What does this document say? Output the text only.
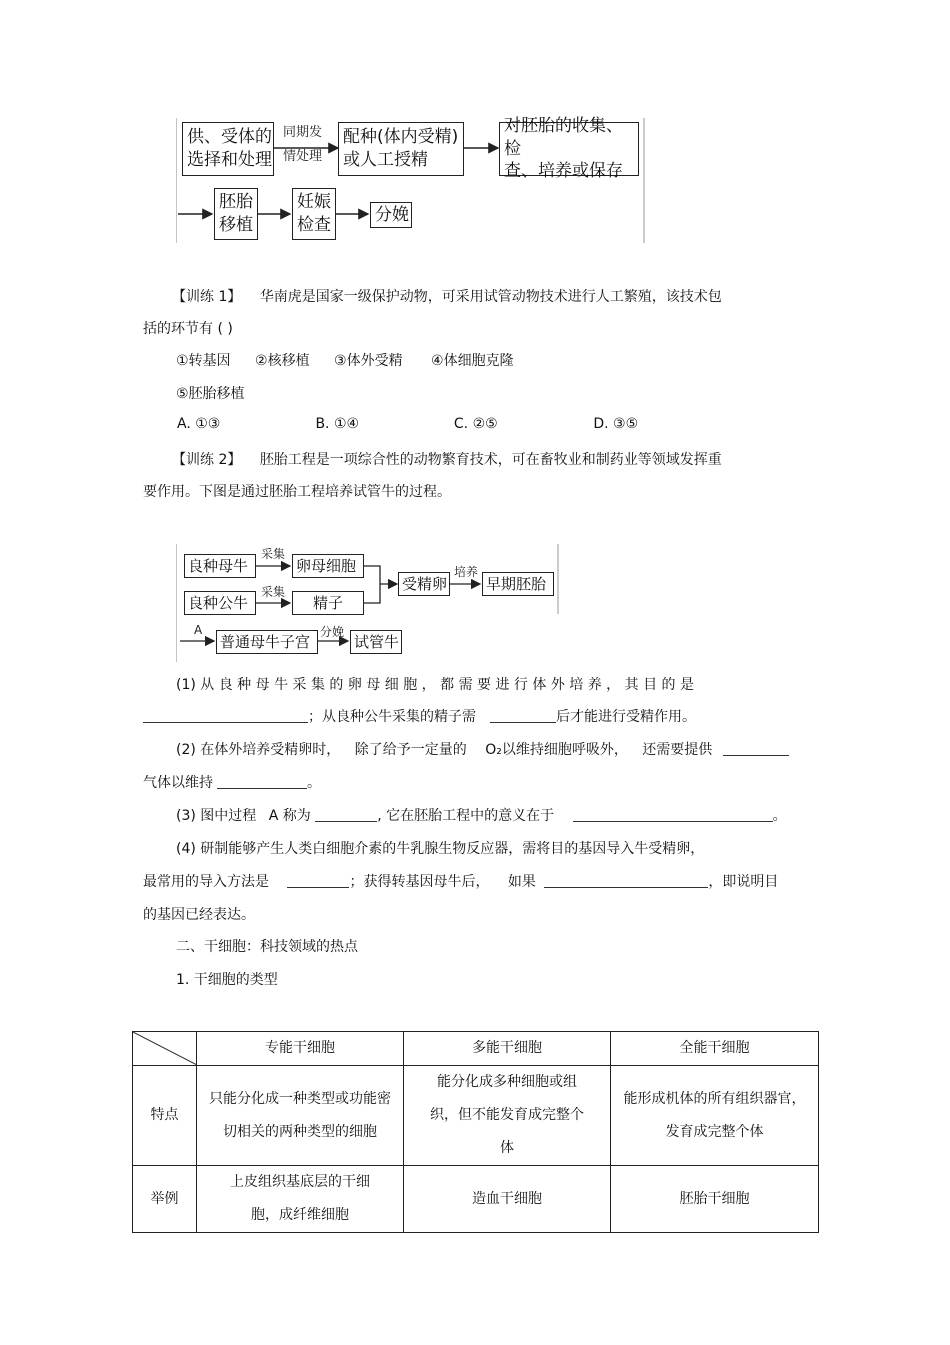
供、受体的
选择和处理
同期发
情处理
配种(体内受精)
或人工授精
对胚胎的收集、检
查、培养或保存
胚胎
移植
妊娠
检查
分娩

【训练 1】 华南虎是国家一级保护动物，可采用试管动物技术进行人工繁殖，该技术包

括的环节有 ( )

①转基因 ②核移植 ③体外受精 ④体细胞克隆

⑤胚胎移植

A. ①③	B. ①④	C. ②⑤	D. ③⑤

【训练 2】 胚胎工程是一项综合性的动物繁育技术，可在畜牧业和制药业等领域发挥重

要作用。下图是通过胚胎工程培养试管牛的过程。

良种母牛
采集
卵母细胞
良种公牛
采集
精子
受精卵
培养
早期胚胎
A
普通母牛子宫
分娩
试管牛

(1) 从 良 种 母 牛 采 集 的 卵 母 细 胞 ， 都 需 要 进 行 体 外 培 养 ， 其 目 的 是

；从良种公牛采集的精子需	后才能进行受精作用。

(2) 在体外培养受精卵时， 除了给予一定量的 O₂以维持细胞呼吸外， 还需要提供

气体以维持	。

(3) 图中过程 A 称为	, 它在胚胎工程中的意义在于	。

(4) 研制能够产生人类白细胞介素的牛乳腺生物反应器，需将目的基因导入牛受精卵，

最常用的导入方法是	；获得转基因母牛后， 如果	，即说明目

的基因已经表达。

二、干细胞：科技领域的热点

1. 干细胞的类型

	专能干细胞	多能干细胞	全能干细胞
特点	只能分化成一种类型或功能密切相关的两种类型的细胞	能分化成多种细胞或组织，但不能发育成完整个体	能形成机体的所有组织器官，发育成完整个体
举例	上皮组织基底层的干细胞，成纤维细胞	造血干细胞	胚胎干细胞
